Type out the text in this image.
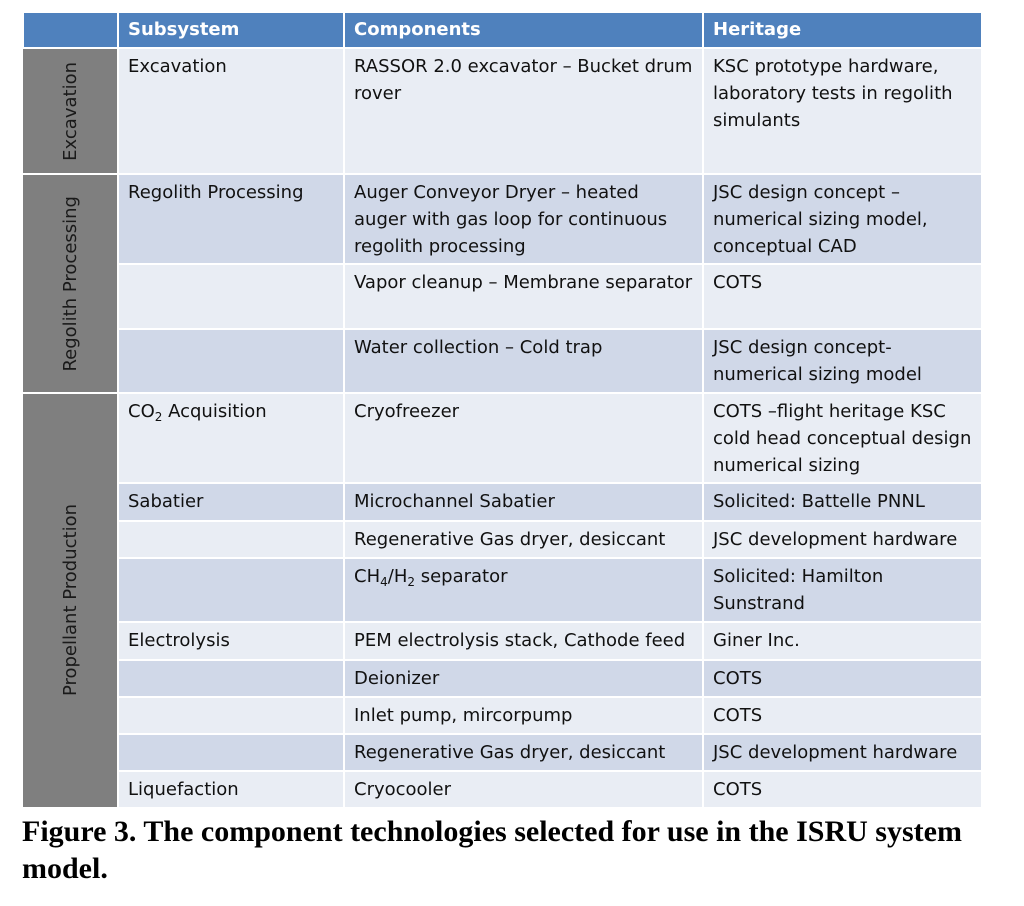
	Subsystem	Components	Heritage

Excavation	Excavation	RASSOR 2.0 excavator – Bucket drum rover	KSC prototype hardware, laboratory tests in regolith simulants

Regolith Processing	Regolith Processing	Auger Conveyor Dryer – heated auger with gas loop for continuous regolith processing	JSC design concept – numerical sizing model, conceptual CAD
		Vapor cleanup – Membrane separator	COTS
		Water collection – Cold trap	JSC design concept- numerical sizing model

Propellant Production	$CO_2$ Acquisition	Cryofreezer	COTS –flight heritage KSC cold head conceptual design numerical sizing
	Sabatier	Microchannel Sabatier	Solicited: Battelle PNNL
		Regenerative Gas dryer, desiccant	JSC development hardware
		$CH_4/H_2$ separator	Solicited: Hamilton Sunstrand
	Electrolysis	PEM electrolysis stack, Cathode feed	Giner Inc.
		Deionizer	COTS
		Inlet pump, mircorpump	COTS
		Regenerative Gas dryer, desiccant	JSC development hardware
	Liquefaction	Cryocooler	COTS

Figure 3. The component technologies selected for use in the ISRU system model.
